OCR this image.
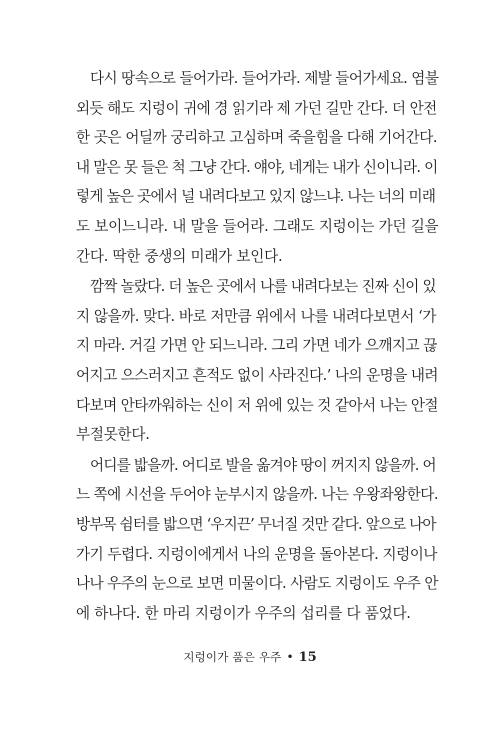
다시 땅속으로 들어가라. 들어가라. 제발 들어가세요. 염불
외듯 해도 지렁이 귀에 경 읽기라 제 가던 길만 간다. 더 안전
한 곳은 어딜까 궁리하고 고심하며 죽을힘을 다해 기어간다.
내 말은 못 들은 척 그냥 간다. 얘야, 네게는 내가 신이니라. 이
렇게 높은 곳에서 널 내려다보고 있지 않느냐. 나는 너의 미래
도 보이느니라. 내 말을 들어라. 그래도 지렁이는 가던 길을
간다. 딱한 중생의 미래가 보인다.
깜짝 놀랐다. 더 높은 곳에서 나를 내려다보는 진짜 신이 있
지 않을까. 맞다. 바로 저만큼 위에서 나를 내려다보면서 ‘가
지 마라. 거길 가면 안 되느니라. 그리 가면 네가 으깨지고 끊
어지고 으스러지고 흔적도 없이 사라진다.’ 나의 운명을 내려
다보며 안타까워하는 신이 저 위에 있는 것 같아서 나는 안절
부절못한다.
어디를 밟을까. 어디로 발을 옮겨야 땅이 꺼지지 않을까. 어
느 쪽에 시선을 두어야 눈부시지 않을까. 나는 우왕좌왕한다.
방부목 쉼터를 밟으면 ‘우지끈’ 무너질 것만 같다. 앞으로 나아
가기 두렵다. 지렁이에게서 나의 운명을 돌아본다. 지렁이나
나나 우주의 눈으로 보면 미물이다. 사람도 지렁이도 우주 안
에 하나다. 한 마리 지렁이가 우주의 섭리를 다 품었다.
지렁이가 품은 우주 • 15
